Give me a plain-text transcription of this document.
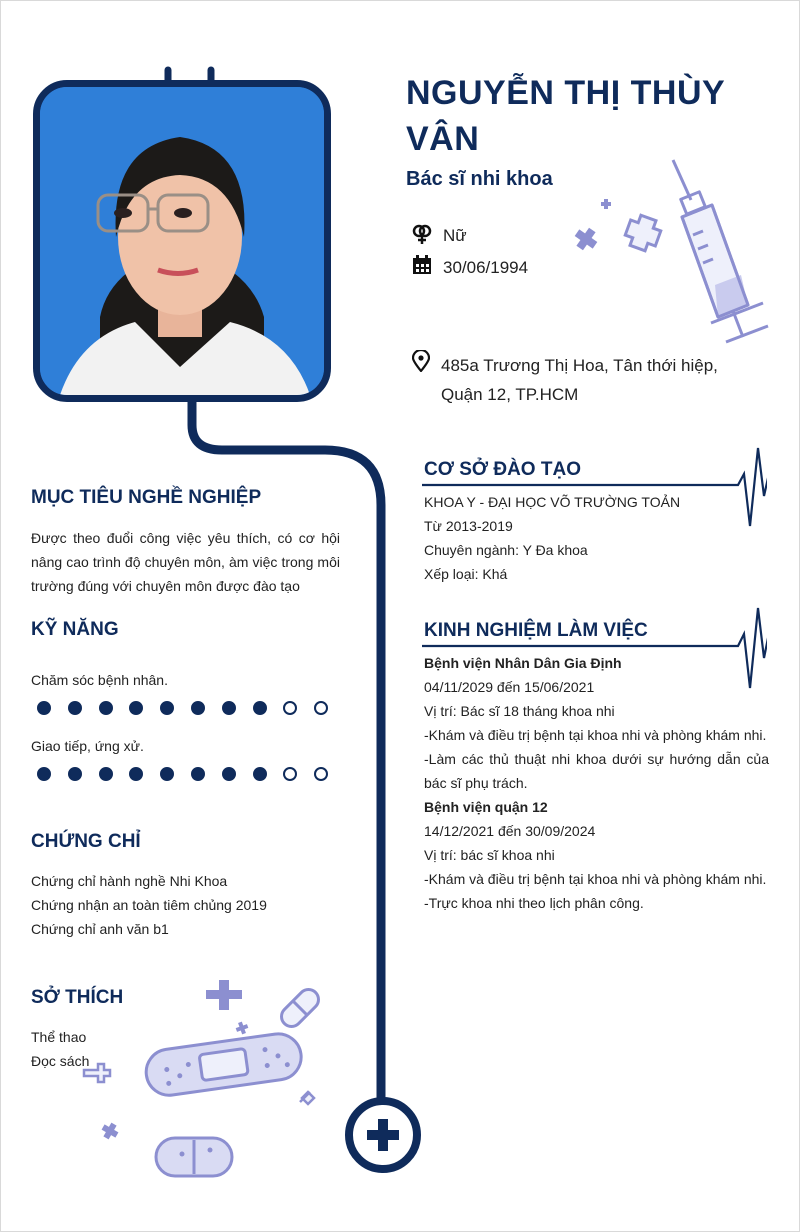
NGUYỄN THỊ THÙY VÂN
Bác sĩ nhi khoa
Nữ
30/06/1994
485a Trương Thị Hoa, Tân thới hiệp,
Quận 12, TP.HCM
MỤC TIÊU NGHỀ NGHIỆP
Được theo đuổi công việc yêu thích, có cơ hội nâng cao trình độ chuyên môn, àm việc trong môi trường đúng với chuyên môn được đào tạo
KỸ NĂNG
Chăm sóc bệnh nhân.
Giao tiếp, ứng xử.
CHỨNG CHỈ
Chứng chỉ hành nghề Nhi Khoa
Chứng nhận an toàn tiêm chủng 2019
Chứng chỉ anh văn b1
SỞ THÍCH
Thể thao
Đọc sách
CƠ SỞ ĐÀO TẠO
KHOA Y - ĐẠI HỌC VÕ TRƯỜNG TOẢN
Từ 2013-2019
Chuyên ngành: Y Đa khoa
Xếp loại: Khá
KINH NGHIỆM LÀM VIỆC
Bệnh viện Nhân Dân Gia Định
04/11/2029 đến 15/06/2021
Vị trí: Bác sĩ 18 tháng khoa nhi
-Khám và điều trị bệnh tại khoa nhi và phòng khám nhi.
-Làm các thủ thuật nhi khoa dưới sự hướng dẫn của bác sĩ phụ trách.
Bệnh viện quận 12
14/12/2021 đến 30/09/2024
Vị trí: bác sĩ khoa nhi
-Khám và điều trị bệnh tại khoa nhi và phòng khám nhi.
-Trực khoa nhi theo lịch phân công.
